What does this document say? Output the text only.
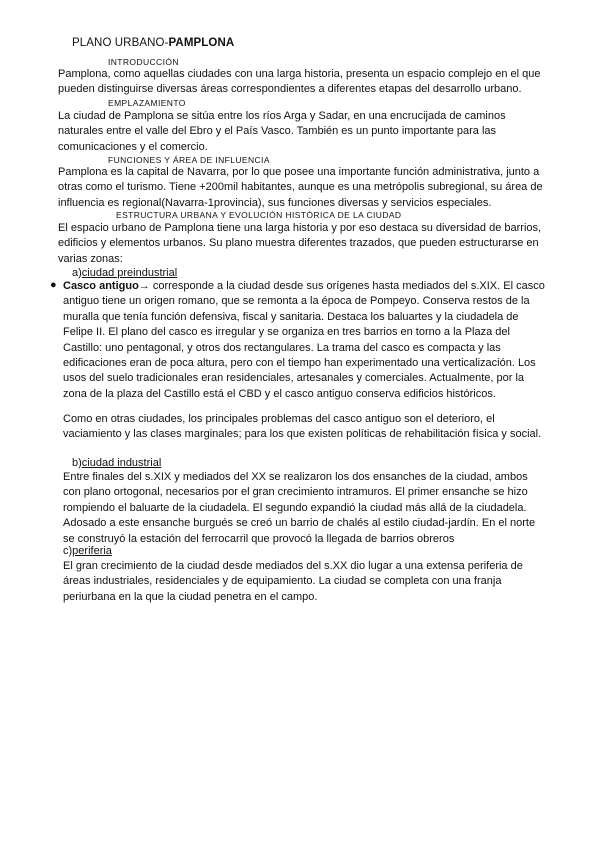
PLANO URBANO-PAMPLONA
INTRODUCCIÓN

Pamplona, como aquellas ciudades con una larga historia, presenta un espacio complejo en el que pueden distinguirse diversas áreas correspondientes a diferentes etapas del desarrollo urbano.

EMPLAZAMIENTO

La ciudad de Pamplona se sitúa entre los ríos Arga y Sadar, en una encrucijada de caminos naturales entre el valle del Ebro y el País Vasco. También es un punto importante para las comunicaciones y el comercio.

FUNCIONES Y ÁREA DE INFLUENCIA

Pamplona es la capital de Navarra, por lo que posee una importante función administrativa, junto a otras como el turismo. Tiene +200mil habitantes, aunque es una metrópolis subregional, su área de influencia es regional(Navarra-1provincia), sus funciones diversas y servicios especiales.

ESTRUCTURA URBANA Y EVOLUCIÓN HISTÓRICA DE LA CIUDAD

El espacio urbano de Pamplona tiene una larga historia y por eso destaca su diversidad de barrios, edificios y elementos urbanos. Su plano muestra diferentes trazados, que pueden estructurarse en varias zonas:

a)ciudad preindustrial
● Casco antiguo→ corresponde a la ciudad desde sus orígenes hasta mediados del s.XIX. El casco antiguo tiene un origen romano, que se remonta a la época de Pompeyo. Conserva restos de la muralla que tenía función defensiva, fiscal y sanitaria. Destaca los baluartes y la ciudadela de Felipe II. El plano del casco es irregular y se organiza en tres barrios en torno a la Plaza del Castillo: uno pentagonal, y otros dos rectangulares. La trama del casco es compacta y las edificaciones eran de poca altura, pero con el tiempo han experimentado una verticalización. Los usos del suelo tradicionales eran residenciales, artesanales y comerciales. Actualmente, por la zona de la plaza del Castillo está el CBD y el casco antiguo conserva edificios históricos.

Como en otras ciudades, los principales problemas del casco antiguo son el deterioro, el vaciamiento y las clases marginales; para los que existen políticas de rehabilitación física y social.

b)ciudad industrial

Entre finales del s.XIX y mediados del XX se realizaron los dos ensanches de la ciudad, ambos con plano ortogonal, necesarios por el gran crecimiento intramuros. El primer ensanche se hizo rompiendo el baluarte de la ciudadela. El segundo expandió la ciudad más allá de la ciudadela. Adosado a este ensanche burgués se creó un barrio de chalés al estilo ciudad-jardín. En el norte se construyó la estación del ferrocarril que provocó la llegada de barrios obreros

c)periferia

El gran crecimiento de la ciudad desde mediados del s.XX dio lugar a una extensa periferia de áreas industriales, residenciales y de equipamiento. La ciudad se completa con una franja periurbana en la que la ciudad penetra en el campo.
